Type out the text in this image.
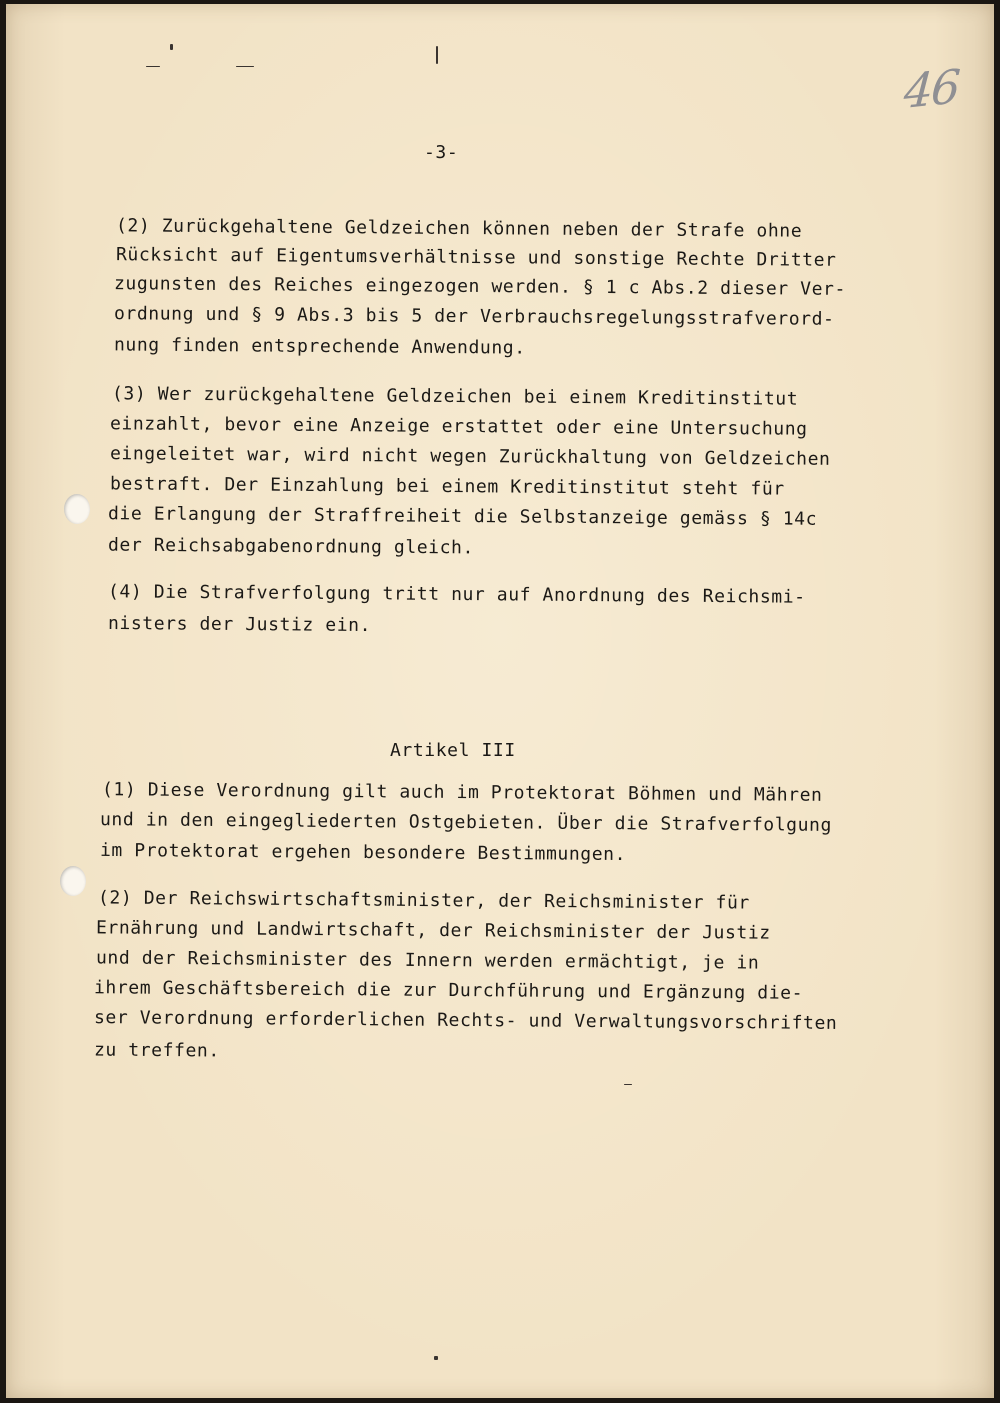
46
-3-

(2) Zurückgehaltene Geldzeichen können neben der Strafe ohne

Rücksicht auf Eigentumsverhältnisse und sonstige Rechte Dritter

zugunsten des Reiches eingezogen werden. § 1 c Abs.2 dieser Ver-

ordnung und § 9 Abs.3 bis 5 der Verbrauchsregelungsstrafverord-

nung finden entsprechende Anwendung.

(3) Wer zurückgehaltene Geldzeichen bei einem Kreditinstitut

einzahlt, bevor eine Anzeige erstattet oder eine Untersuchung

eingeleitet war, wird nicht wegen Zurückhaltung von Geldzeichen

bestraft. Der Einzahlung bei einem Kreditinstitut steht für

die Erlangung der Straffreiheit die Selbstanzeige gemäss § 14c

der Reichsabgabenordnung gleich.

(4) Die Strafverfolgung tritt nur auf Anordnung des Reichsmi-

nisters der Justiz ein.

Artikel III

(1) Diese Verordnung gilt auch im Protektorat Böhmen und Mähren

und in den eingegliederten Ostgebieten. Über die Strafverfolgung

im Protektorat ergehen besondere Bestimmungen.

(2) Der Reichswirtschaftsminister, der Reichsminister für

Ernährung und Landwirtschaft, der Reichsminister der Justiz

und der Reichsminister des Innern werden ermächtigt, je in

ihrem Geschäftsbereich die zur Durchführung und Ergänzung die-

ser Verordnung erforderlichen Rechts- und Verwaltungsvorschriften

zu treffen.
